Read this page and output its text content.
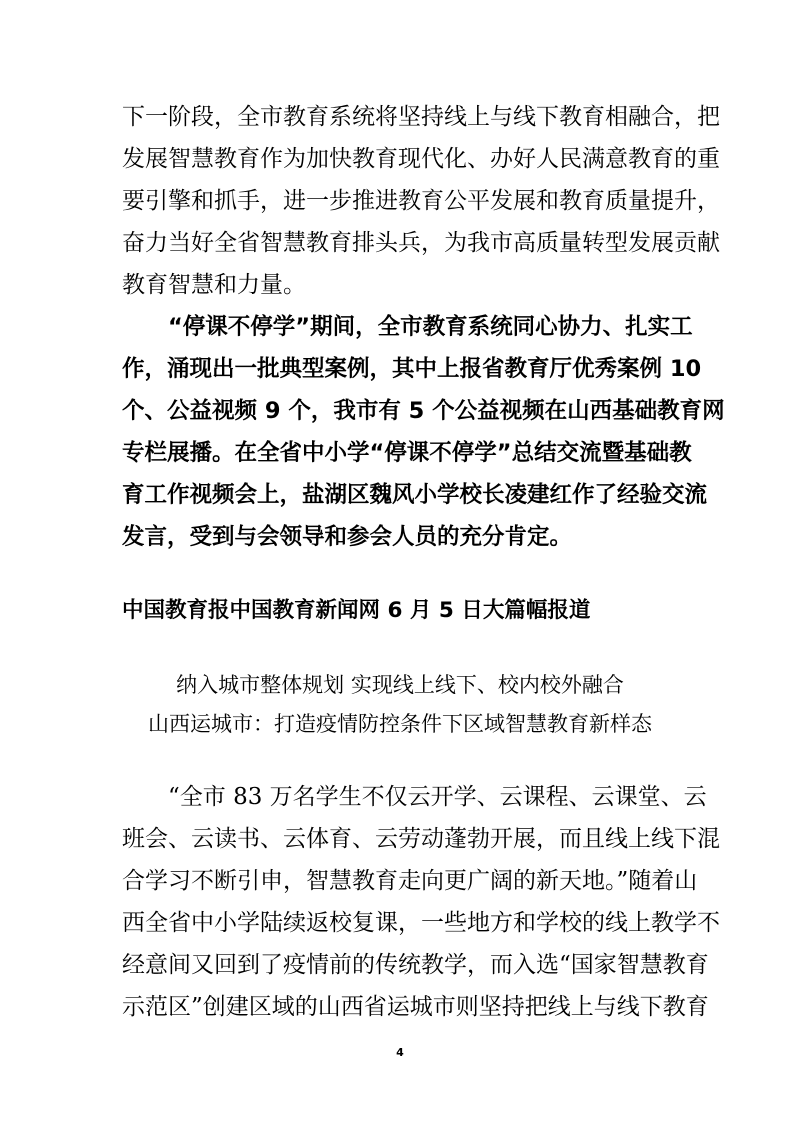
下一阶段，全市教育系统将坚持线上与线下教育相融合，把
发展智慧教育作为加快教育现代化、办好人民满意教育的重
要引擎和抓手，进一步推进教育公平发展和教育质量提升，
奋力当好全省智慧教育排头兵，为我市高质量转型发展贡献
教育智慧和力量。
“停课不停学”期间，全市教育系统同心协力、扎实工
作，涌现出一批典型案例，其中上报省教育厅优秀案例 10
个、公益视频 9 个，我市有 5 个公益视频在山西基础教育网
专栏展播。在全省中小学“停课不停学”总结交流暨基础教
育工作视频会上，盐湖区魏风小学校长凌建红作了经验交流
发言，受到与会领导和参会人员的充分肯定。
中国教育报中国教育新闻网 6 月 5 日大篇幅报道
纳入城市整体规划 实现线上线下、校内校外融合
山西运城市：打造疫情防控条件下区域智慧教育新样态
“全市 83 万名学生不仅云开学、云课程、云课堂、云
班会、云读书、云体育、云劳动蓬勃开展，而且线上线下混
合学习不断引申，智慧教育走向更广阔的新天地。”随着山
西全省中小学陆续返校复课，一些地方和学校的线上教学不
经意间又回到了疫情前的传统教学，而入选“国家智慧教育
示范区”创建区域的山西省运城市则坚持把线上与线下教育
4
